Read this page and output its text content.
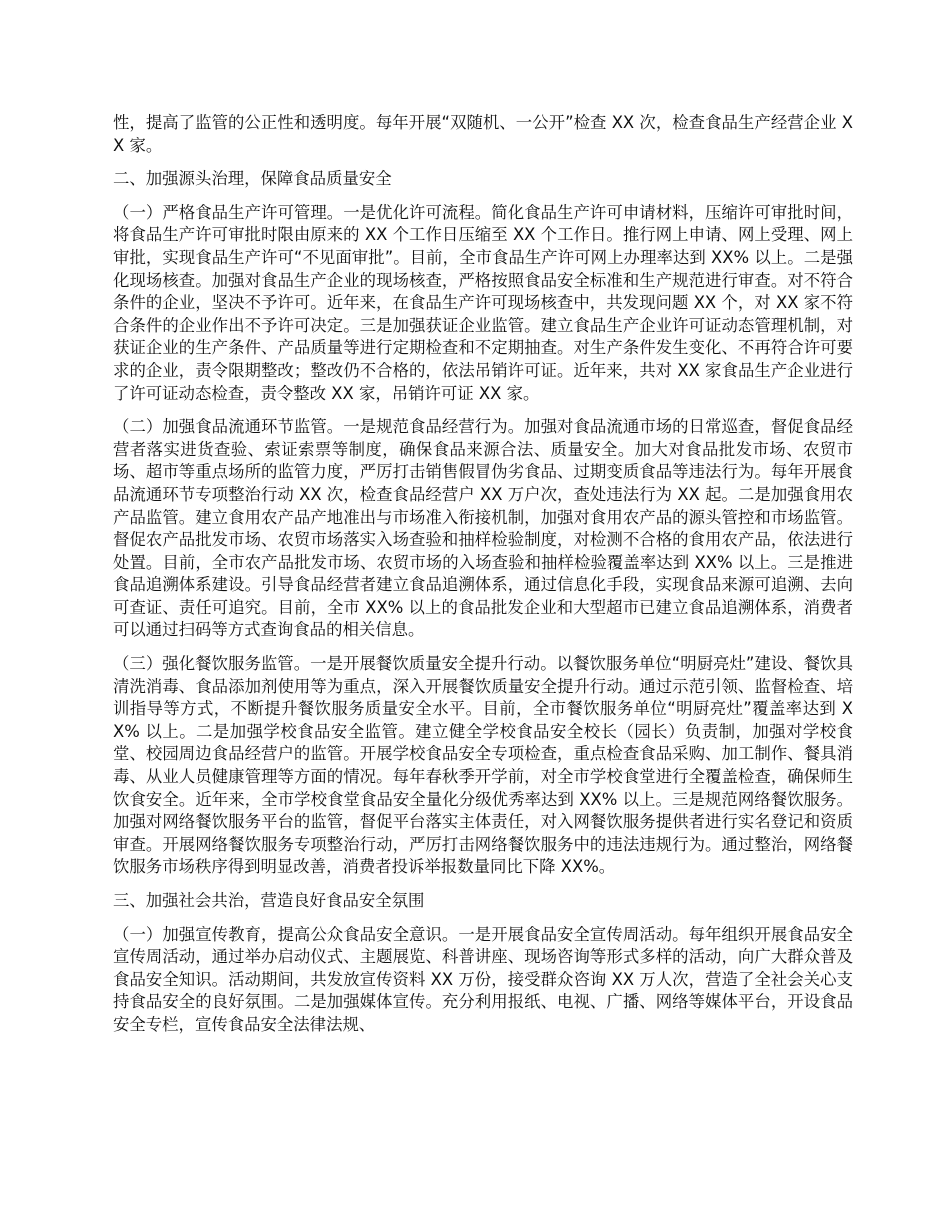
性，提高了监管的公正性和透明度。每年开展“双随机、一公开”检查 XX 次，检查食品生产经营企业 XX 家。

二、加强源头治理，保障食品质量安全

（一）严格食品生产许可管理。一是优化许可流程。简化食品生产许可申请材料，压缩许可审批时间，将食品生产许可审批时限由原来的 XX 个工作日压缩至 XX 个工作日。推行网上申请、网上受理、网上审批，实现食品生产许可“不见面审批”。目前，全市食品生产许可网上办理率达到 XX% 以上。二是强化现场核查。加强对食品生产企业的现场核查，严格按照食品安全标准和生产规范进行审查。对不符合条件的企业，坚决不予许可。近年来，在食品生产许可现场核查中，共发现问题 XX 个，对 XX 家不符合条件的企业作出不予许可决定。三是加强获证企业监管。建立食品生产企业许可证动态管理机制，对获证企业的生产条件、产品质量等进行定期检查和不定期抽查。对生产条件发生变化、不再符合许可要求的企业，责令限期整改；整改仍不合格的，依法吊销许可证。近年来，共对 XX 家食品生产企业进行了许可证动态检查，责令整改 XX 家，吊销许可证 XX 家。

（二）加强食品流通环节监管。一是规范食品经营行为。加强对食品流通市场的日常巡查，督促食品经营者落实进货查验、索证索票等制度，确保食品来源合法、质量安全。加大对食品批发市场、农贸市场、超市等重点场所的监管力度，严厉打击销售假冒伪劣食品、过期变质食品等违法行为。每年开展食品流通环节专项整治行动 XX 次，检查食品经营户 XX 万户次，查处违法行为 XX 起。二是加强食用农产品监管。建立食用农产品产地准出与市场准入衔接机制，加强对食用农产品的源头管控和市场监管。督促农产品批发市场、农贸市场落实入场查验和抽样检验制度，对检测不合格的食用农产品，依法进行处置。目前，全市农产品批发市场、农贸市场的入场查验和抽样检验覆盖率达到 XX% 以上。三是推进食品追溯体系建设。引导食品经营者建立食品追溯体系，通过信息化手段，实现食品来源可追溯、去向可查证、责任可追究。目前，全市 XX% 以上的食品批发企业和大型超市已建立食品追溯体系，消费者可以通过扫码等方式查询食品的相关信息。

（三）强化餐饮服务监管。一是开展餐饮质量安全提升行动。以餐饮服务单位“明厨亮灶”建设、餐饮具清洗消毒、食品添加剂使用等为重点，深入开展餐饮质量安全提升行动。通过示范引领、监督检查、培训指导等方式，不断提升餐饮服务质量安全水平。目前，全市餐饮服务单位“明厨亮灶”覆盖率达到 XX% 以上。二是加强学校食品安全监管。建立健全学校食品安全校长（园长）负责制，加强对学校食堂、校园周边食品经营户的监管。开展学校食品安全专项检查，重点检查食品采购、加工制作、餐具消毒、从业人员健康管理等方面的情况。每年春秋季开学前，对全市学校食堂进行全覆盖检查，确保师生饮食安全。近年来，全市学校食堂食品安全量化分级优秀率达到 XX% 以上。三是规范网络餐饮服务。加强对网络餐饮服务平台的监管，督促平台落实主体责任，对入网餐饮服务提供者进行实名登记和资质审查。开展网络餐饮服务专项整治行动，严厉打击网络餐饮服务中的违法违规行为。通过整治，网络餐饮服务市场秩序得到明显改善，消费者投诉举报数量同比下降 XX%。

三、加强社会共治，营造良好食品安全氛围

（一）加强宣传教育，提高公众食品安全意识。一是开展食品安全宣传周活动。每年组织开展食品安全宣传周活动，通过举办启动仪式、主题展览、科普讲座、现场咨询等形式多样的活动，向广大群众普及食品安全知识。活动期间，共发放宣传资料 XX 万份，接受群众咨询 XX 万人次，营造了全社会关心支持食品安全的良好氛围。二是加强媒体宣传。充分利用报纸、电视、广播、网络等媒体平台，开设食品安全专栏，宣传食品安全法律法规、
